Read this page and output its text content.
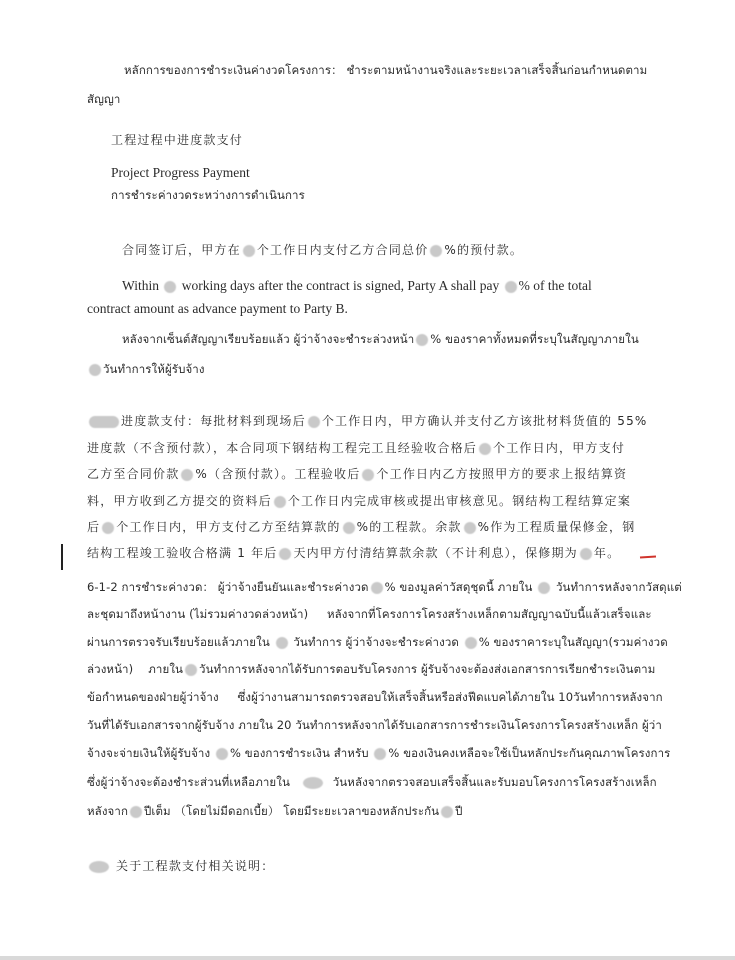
หลักการของการชำระเงินค่างวดโครงการ： ชำระตามหน้างานจริงและระยะเวลาเสร็จสิ้นก่อนกำหนดตาม
สัญญา
工程过程中进度款支付
Project Progress Payment
การชำระค่างวดระหว่างการดำเนินการ
合同签订后，甲方在 个工作日内支付乙方合同总价 %的预付款。
Within working days after the contract is signed, Party A shall pay % of the total
contract amount as advance payment to Party B.
หลังจากเซ็นต์สัญญาเรียบร้อยแล้ว ผู้ว่าจ้างจะชำระล่วงหน้า % ของราคาทั้งหมดที่ระบุในสัญญาภายใน
วันทำการให้ผู้รับจ้าง
进度款支付：每批材料到现场后 个工作日内，甲方确认并支付乙方该批材料货值的 55%
进度款（不含预付款），本合同项下钢结构工程完工且经验收合格后 个工作日内，甲方支付
乙方至合同价款 %（含预付款）。工程验收后 个工作日内乙方按照甲方的要求上报结算资
料，甲方收到乙方提交的资料后 个工作日内完成审核或提出审核意见。钢结构工程结算定案
后 个工作日内，甲方支付乙方至结算款的 %的工程款。余款 %作为工程质量保修金，钢
结构工程竣工验收合格满 1 年后 天内甲方付清结算款余款（不计利息），保修期为 年。
6-1-2 การชำระค่างวด： ผู้ว่าจ้างยืนยันและชำระค่างวด % ของมูลค่าวัสดุชุดนี้ ภายใน วันทำการหลังจากวัสดุแต่
ละชุดมาถึงหน้างาน (ไม่รวมค่างวดล่วงหน้า) หลังจากที่โครงการโครงสร้างเหล็กตามสัญญาฉบับนี้แล้วเสร็จและ
ผ่านการตรวจรับเรียบร้อยแล้วภายใน วันทำการ ผู้ว่าจ้างจะชำระค่างวด % ของราคาระบุในสัญญา(รวมค่างวด
ล่วงหน้า) ภายใน วันทำการหลังจากได้รับการตอบรับโครงการ ผู้รับจ้างจะต้องส่งเอกสารการเรียกชำระเงินตาม
ข้อกำหนดของฝ่ายผู้ว่าจ้าง ซึ่งผู้ว่างานสามารถตรวจสอบให้เสร็จสิ้นหรือส่งฟีดแบคได้ภายใน 10วันทำการหลังจาก
วันที่ได้รับเอกสารจากผู้รับจ้าง ภายใน 20 วันทำการหลังจากได้รับเอกสารการชำระเงินโครงการโครงสร้างเหล็ก ผู้ว่า
จ้างจะจ่ายเงินให้ผู้รับจ้าง % ของการชำระเงิน สำหรับ % ของเงินคงเหลือจะใช้เป็นหลักประกันคุณภาพโครงการ
ซึ่งผู้ว่าจ้างจะต้องชำระส่วนที่เหลือภายใน	วันหลังจากตรวจสอบเสร็จสิ้นและรับมอบโครงการโครงสร้างเหล็ก
หลังจาก ปีเต็ม （โดยไม่มีดอกเบี้ย） โดยมีระยะเวลาของหลักประกัน ปี
关于工程款支付相关说明：
